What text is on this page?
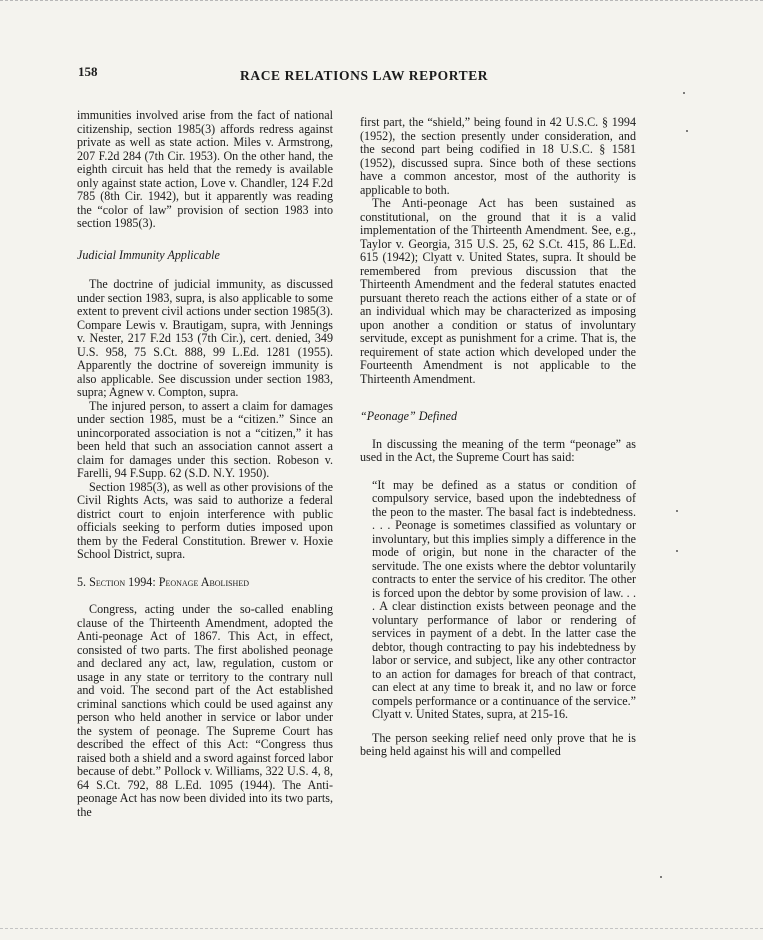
158	RACE RELATIONS LAW REPORTER

immunities involved arise from the fact of national citizenship, section 1985(3) affords redress against private as well as state action. Miles v. Armstrong, 207 F.2d 284 (7th Cir. 1953). On the other hand, the eighth circuit has held that the remedy is available only against state action, Love v. Chandler, 124 F.2d 785 (8th Cir. 1942), but it apparently was reading the “color of law” provision of section 1983 into section 1985(3).

Judicial Immunity Applicable

The doctrine of judicial immunity, as discussed under section 1983, supra, is also applicable to some extent to prevent civil actions under section 1985(3). Compare Lewis v. Brautigam, supra, with Jennings v. Nester, 217 F.2d 153 (7th Cir.), cert. denied, 349 U.S. 958, 75 S.Ct. 888, 99 L.Ed. 1281 (1955). Apparently the doctrine of sovereign immunity is also applicable. See discussion under section 1983, supra; Agnew v. Compton, supra.

The injured person, to assert a claim for damages under section 1985, must be a “citizen.” Since an unincorporated association is not a “citizen,” it has been held that such an association cannot assert a claim for damages under this section. Robeson v. Farelli, 94 F.Supp. 62 (S.D. N.Y. 1950).

Section 1985(3), as well as other provisions of the Civil Rights Acts, was said to authorize a federal district court to enjoin interference with public officials seeking to perform duties imposed upon them by the Federal Constitution. Brewer v. Hoxie School District, supra.

5. Section 1994: Peonage Abolished

Congress, acting under the so-called enabling clause of the Thirteenth Amendment, adopted the Anti-peonage Act of 1867. This Act, in effect, consisted of two parts. The first abolished peonage and declared any act, law, regulation, custom or usage in any state or territory to the contrary null and void. The second part of the Act established criminal sanctions which could be used against any person who held another in service or labor under the system of peonage. The Supreme Court has described the effect of this Act: “Congress thus raised both a shield and a sword against forced labor because of debt.” Pollock v. Williams, 322 U.S. 4, 8, 64 S.Ct. 792, 88 L.Ed. 1095 (1944). The Anti-peonage Act has now been divided into its two parts, the

first part, the “shield,” being found in 42 U.S.C. § 1994 (1952), the section presently under consideration, and the second part being codified in 18 U.S.C. § 1581 (1952), discussed supra. Since both of these sections have a common ancestor, most of the authority is applicable to both.

The Anti-peonage Act has been sustained as constitutional, on the ground that it is a valid implementation of the Thirteenth Amendment. See, e.g., Taylor v. Georgia, 315 U.S. 25, 62 S.Ct. 415, 86 L.Ed. 615 (1942); Clyatt v. United States, supra. It should be remembered from previous discussion that the Thirteenth Amendment and the federal statutes enacted pursuant thereto reach the actions either of a state or of an individual which may be characterized as imposing upon another a condition or status of involuntary servitude, except as punishment for a crime. That is, the requirement of state action which developed under the Fourteenth Amendment is not applicable to the Thirteenth Amendment.

“Peonage” Defined

In discussing the meaning of the term “peonage” as used in the Act, the Supreme Court has said:

“It may be defined as a status or condition of compulsory service, based upon the indebtedness of the peon to the master. The basal fact is indebtedness. . . . Peonage is sometimes classified as voluntary or involuntary, but this implies simply a difference in the mode of origin, but none in the character of the servitude. The one exists where the debtor voluntarily contracts to enter the service of his creditor. The other is forced upon the debtor by some provision of law. . . . A clear distinction exists between peonage and the voluntary performance of labor or rendering of services in payment of a debt. In the latter case the debtor, though contracting to pay his indebtedness by labor or service, and subject, like any other contractor to an action for damages for breach of that contract, can elect at any time to break it, and no law or force compels performance or a continuance of the service.” Clyatt v. United States, supra, at 215-16.

The person seeking relief need only prove that he is being held against his will and compelled
